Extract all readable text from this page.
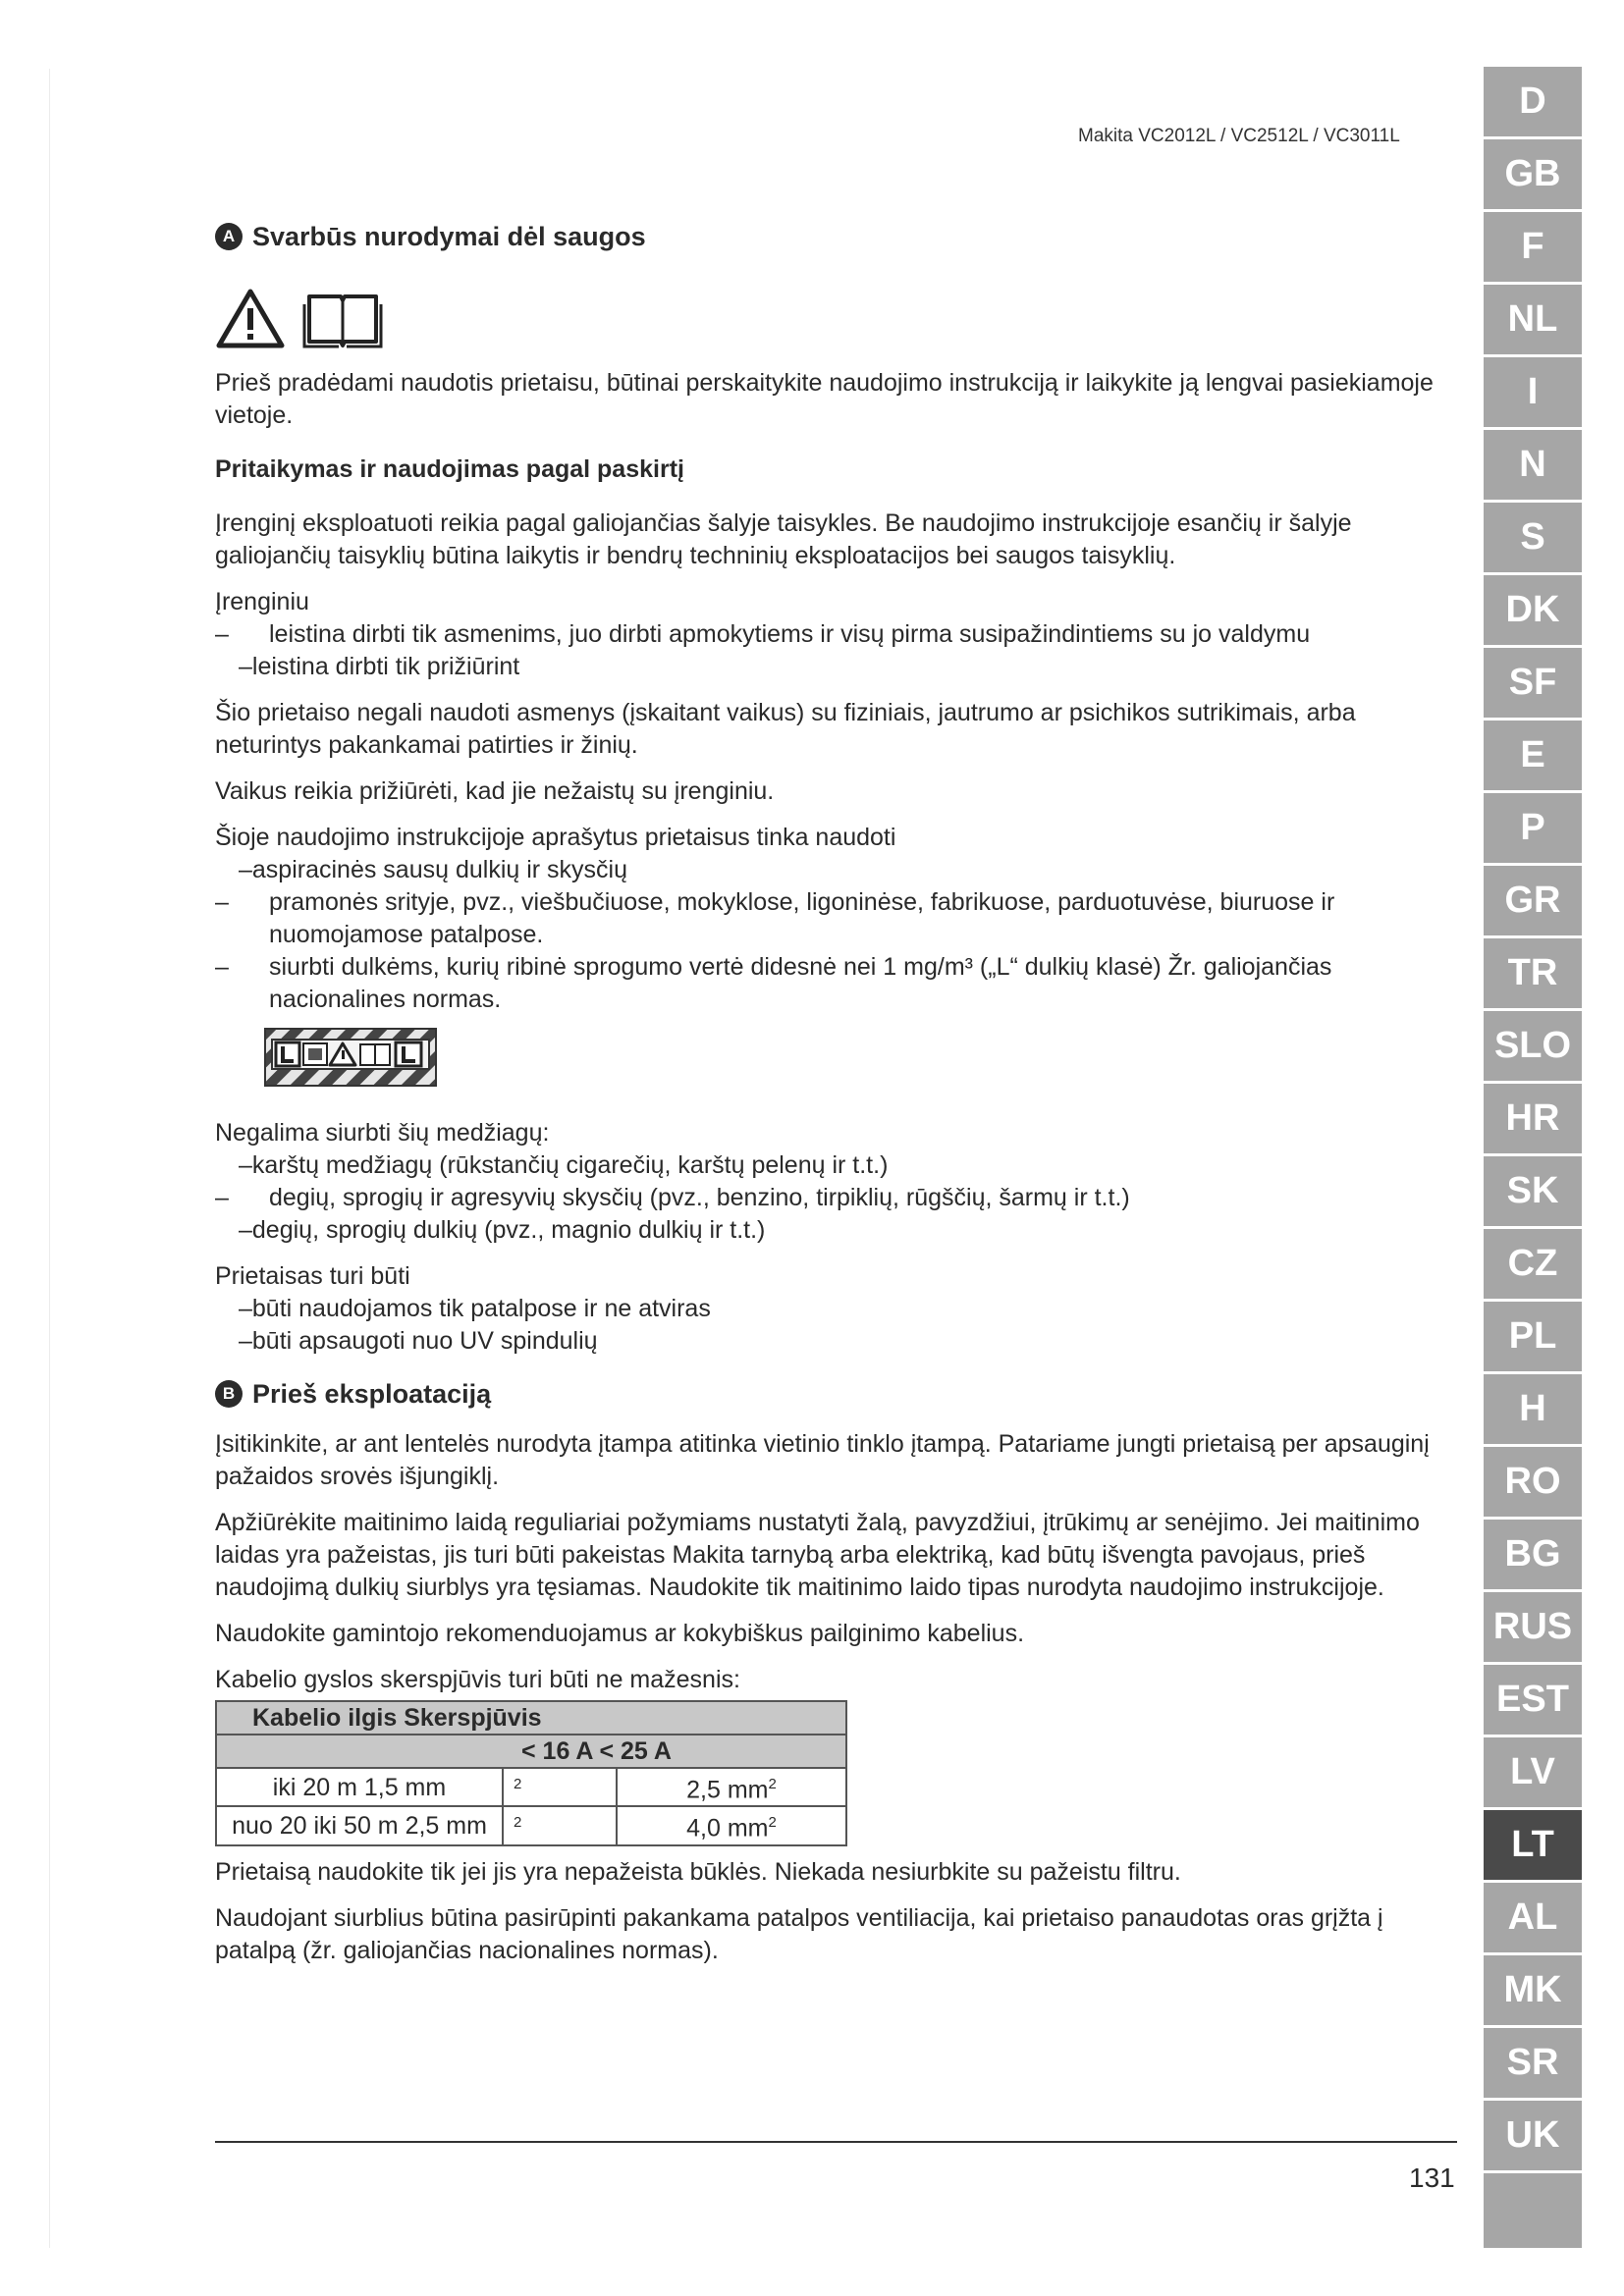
Makita VC2012L / VC2512L / VC3011L
A Svarbūs nurodymai dėl saugos

Prieš pradėdami naudotis prietaisu, būtinai perskaitykite naudojimo instrukciją ir laikykite ją lengvai pasiekiamoje vietoje.

Pritaikymas ir naudojimas pagal paskirtį

Įrenginį eksploatuoti reikia pagal galiojančias šalyje taisykles. Be naudojimo instrukcijoje esančių ir šalyje galiojančių taisyklių būtina laikytis ir bendrų techninių eksploatacijos bei saugos taisyklių.

Įrenginiu

–	leistina dirbti tik asmenims, juo dirbti apmokytiems ir visų pirma susipažindintiems su jo valdymu

–leistina dirbti tik prižiūrint

Šio prietaiso negali naudoti asmenys (įskaitant vaikus) su fiziniais, jautrumo ar psichikos sutrikimais, arba neturintys pakankamai patirties ir žinių.

Vaikus reikia prižiūrėti, kad jie nežaistų su įrenginiu.

Šioje naudojimo instrukcijoje aprašytus prietaisus tinka naudoti

–aspiracinės sausų dulkių ir skysčių

–	pramonės srityje, pvz., viešbučiuose, mokyklose, ligoninėse, fabrikuose, parduotuvėse, biuruose ir nuomojamose patalpose.
–	siurbti dulkėms, kurių ribinė sprogumo vertė didesnė nei 1 mg/m³ („L“ dulkių klasė) Žr. galiojančias nacionalines normas.

Negalima siurbti šių medžiagų:

–karštų medžiagų (rūkstančių cigarečių, karštų pelenų ir t.t.)

–	degių, sprogių ir agresyvių skysčių (pvz., benzino, tirpiklių, rūgščių, šarmų ir t.t.)

–degių, sprogių dulkių (pvz., magnio dulkių ir t.t.)

Prietaisas turi būti

–būti naudojamos tik patalpose ir ne atviras

–būti apsaugoti nuo UV spindulių

B Prieš eksploataciją

Įsitikinkite, ar ant lentelės nurodyta įtampa atitinka vietinio tinklo įtampą. Patariame jungti prietaisą per apsauginį pažaidos srovės išjungiklį.

Apžiūrėkite maitinimo laidą reguliariai požymiams nustatyti žalą, pavyzdžiui, įtrūkimų ar senėjimo. Jei maitinimo laidas yra pažeistas, jis turi būti pakeistas Makita tarnybą arba elektriką, kad būtų išvengta pavojaus, prieš naudojimą dulkių siurblys yra tęsiamas. Naudokite tik maitinimo laido tipas nurodyta naudojimo instrukcijoje.

Naudokite gamintojo rekomenduojamus ar kokybiškus pailginimo kabelius.

Kabelio gyslos skerspjūvis turi būti ne mažesnis:

Kabelio ilgis Skerspjūvis		
< 16 A < 25 A		
iki 20 m 1,5 mm	2	2,5 $mm^2$
nuo 20 iki 50 m 2,5 mm	2	4,0 $mm^2$

Prietaisą naudokite tik jei jis yra nepažeista būklės. Niekada nesiurbkite su pažeistu filtru.

Naudojant siurblius būtina pasirūpinti pakankama patalpos ventiliacija, kai prietaiso panaudotas oras grįžta į patalpą (žr. galiojančias nacionalines normas).

D
GB
F
NL
I
N
S
DK
SF
E
P
GR
TR
SLO
HR
SK
CZ
PL
H
RO
BG
RUS
EST
LV
LT
AL
MK
SR
UK
131
